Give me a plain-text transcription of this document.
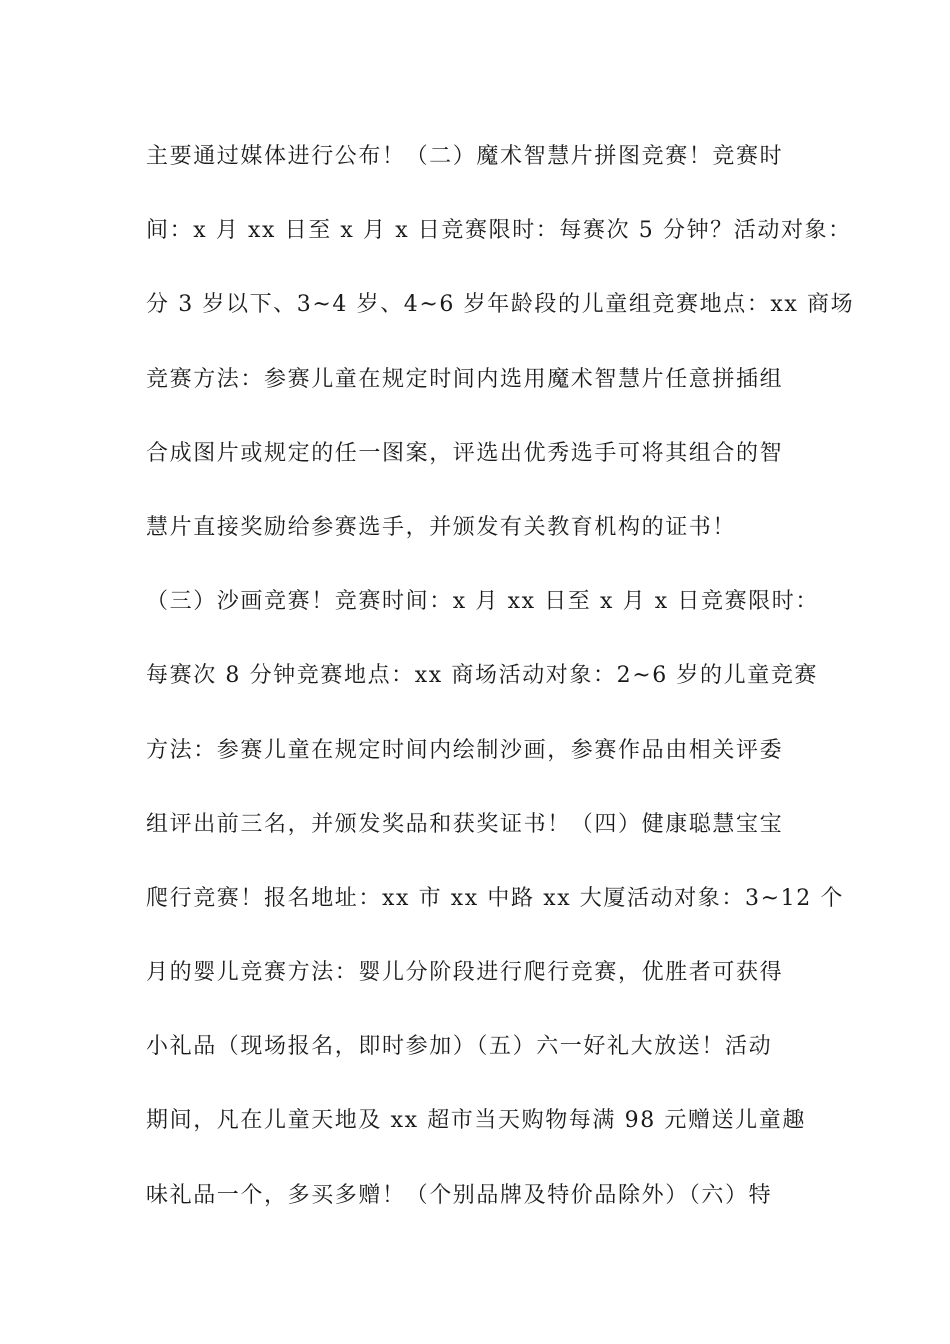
主要通过媒体进行公布！（二）魔术智慧片拼图竞赛！竞赛时
间：x 月 xx 日至 x 月 x 日竞赛限时：每赛次 5 分钟？活动对象：
分 3 岁以下、3~4 岁、4~6 岁年龄段的儿童组竞赛地点：xx 商场
竞赛方法：参赛儿童在规定时间内选用魔术智慧片任意拼插组
合成图片或规定的任一图案，评选出优秀选手可将其组合的智
慧片直接奖励给参赛选手，并颁发有关教育机构的证书！
（三）沙画竞赛！竞赛时间：x 月 xx 日至 x 月 x 日竞赛限时：
每赛次 8 分钟竞赛地点：xx 商场活动对象：2~6 岁的儿童竞赛
方法：参赛儿童在规定时间内绘制沙画，参赛作品由相关评委
组评出前三名，并颁发奖品和获奖证书！（四）健康聪慧宝宝
爬行竞赛！报名地址：xx 市 xx 中路 xx 大厦活动对象：3~12 个
月的婴儿竞赛方法：婴儿分阶段进行爬行竞赛，优胜者可获得
小礼品（现场报名，即时参加）（五）六一好礼大放送！活动
期间，凡在儿童天地及 xx 超市当天购物每满 98 元赠送儿童趣
味礼品一个，多买多赠！（个别品牌及特价品除外）（六）特
